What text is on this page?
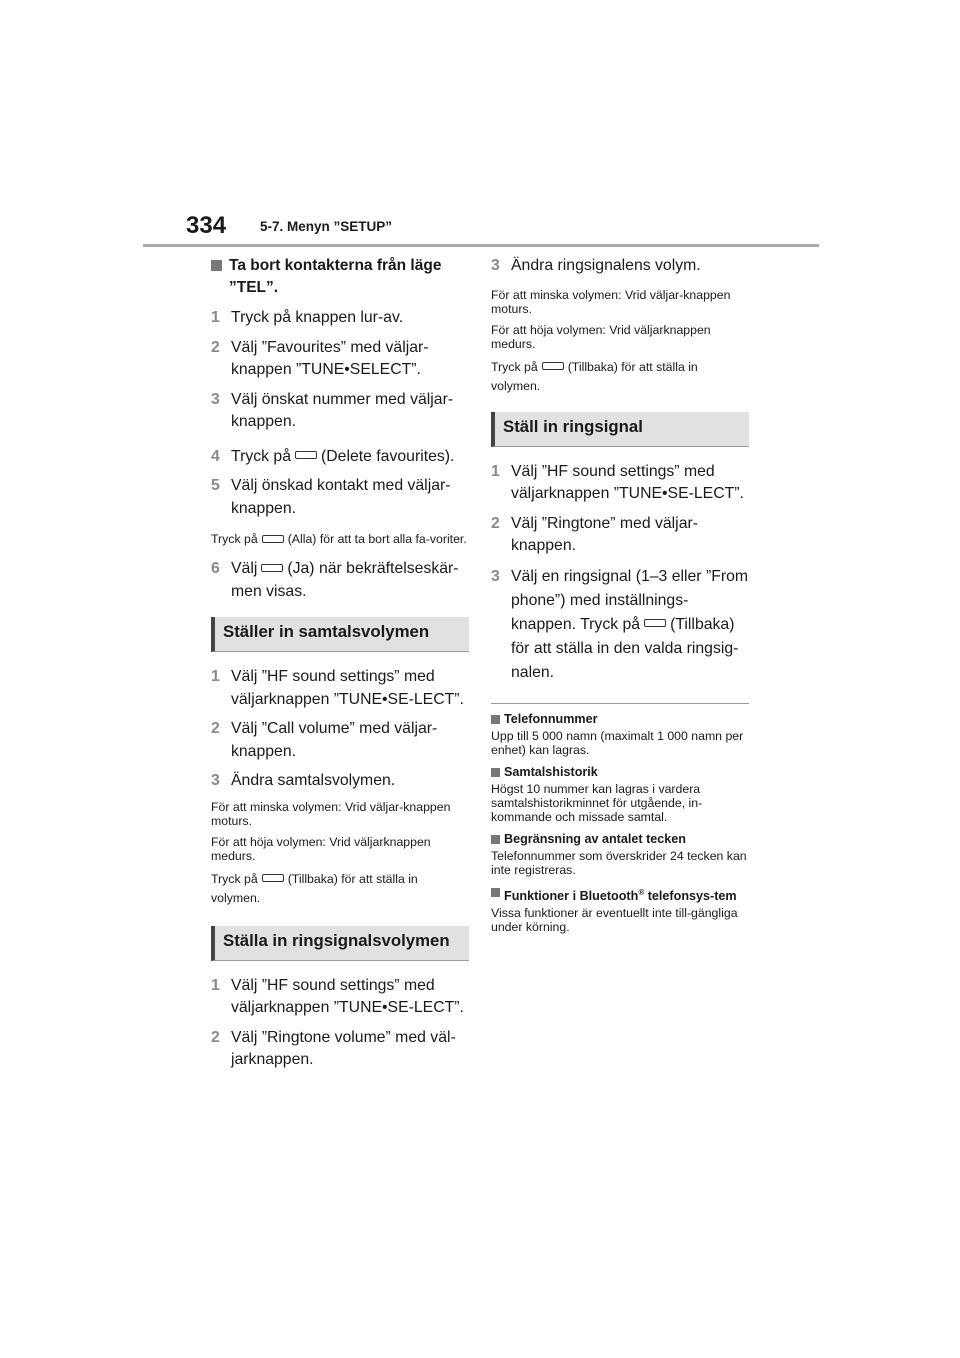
334	5-7. Menyn ”SETUP”

Ta bort kontakterna från läge ”TEL”.

1 Tryck på knappen lur-av.

2 Välj ”Favourites” med väljar-knappen ”TUNE•SELECT”.

3 Välj önskat nummer med väljar-knappen.

4 Tryck på (Delete favourites).

5 Välj önskad kontakt med väljar-knappen.

Tryck på (Alla) för att ta bort alla fa-voriter.

6 Välj (Ja) när bekräftelseskär-men visas.

Ställer in samtalsvolymen

1 Välj ”HF sound settings” med väljarknappen ”TUNE•SE-LECT”.

2 Välj ”Call volume” med väljar-knappen.

3 Ändra samtalsvolymen.

För att minska volymen: Vrid väljar-knappen moturs.

För att höja volymen: Vrid väljarknappen medurs.

Tryck på (Tillbaka) för att ställa in volymen.

Ställa in ringsignalsvolymen

1 Välj ”HF sound settings” med väljarknappen ”TUNE•SE-LECT”.

2 Välj ”Ringtone volume” med väl-jarknappen.

3 Ändra ringsignalens volym.

För att minska volymen: Vrid väljar-knappen moturs.

För att höja volymen: Vrid väljarknappen medurs.

Tryck på (Tillbaka) för att ställa in volymen.

Ställ in ringsignal

1 Välj ”HF sound settings” med väljarknappen ”TUNE•SE-LECT”.

2 Välj ”Ringtone” med väljar-knappen.

3 Välj en ringsignal (1–3 eller ”From phone”) med inställnings-knappen. Tryck på (Tillbaka) för att ställa in den valda ringsig-nalen.

Telefonnummer

Upp till 5 000 namn (maximalt 1 000 namn per enhet) kan lagras.

Samtalshistorik

Högst 10 nummer kan lagras i vardera samtalshistorikminnet för utgående, in-kommande och missade samtal.

Begränsning av antalet tecken

Telefonnummer som överskrider 24 tecken kan inte registreras.

Funktioner i Bluetooth® telefonsys-tem

Vissa funktioner är eventuellt inte till-gängliga under körning.
